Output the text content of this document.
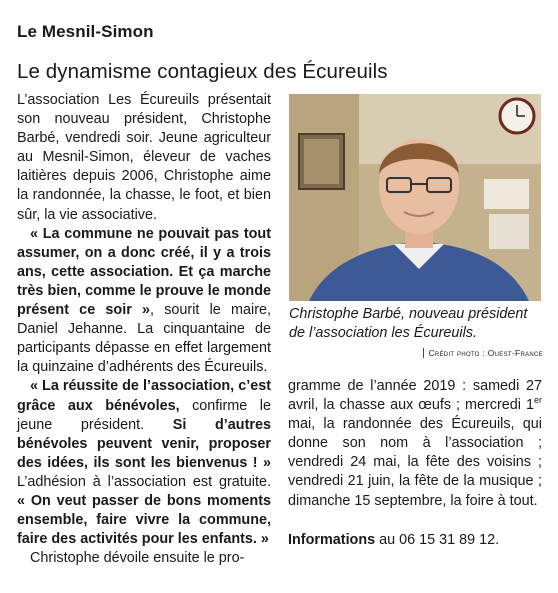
Le Mesnil-Simon
Le dynamisme contagieux des Écureuils

L’association Les Écureuils présentait son nouveau président, Christophe Barbé, vendredi soir. Jeune agriculteur au Mesnil-Simon, éleveur de vaches laitières depuis 2006, Christophe aime la randonnée, la chasse, le foot, et bien sûr, la vie associative.

« La commune ne pouvait pas tout assumer, on a donc créé, il y a trois ans, cette association. Et ça marche très bien, comme le prouve le monde présent ce soir », sourit le maire, Daniel Jehanne. La cinquantaine de participants dépasse en effet largement la quinzaine d’adhérents des Écureuils.

« La réussite de l’association, c’est grâce aux bénévoles, confirme le jeune président. Si d’autres bénévoles peuvent venir, proposer des idées, ils sont les bienvenus ! » L’adhésion à l’association est gratuite. « On veut passer de bons moments ensemble, faire vivre la commune, faire des activités pour les enfants. »

Christophe dévoile ensuite le pro-

Christophe Barbé, nouveau président de l’association les Écureuils.
Crédit photo : Ouest-France

gramme de l’année 2019 : samedi 27 avril, la chasse aux œufs ; mercredi 1er mai, la randonnée des Écureuils, qui donne son nom à l’association ; vendredi 24 mai, la fête des voisins ; vendredi 21 juin, la fête de la musique ; dimanche 15 septembre, la foire à tout.

Informations au 06 15 31 89 12.
